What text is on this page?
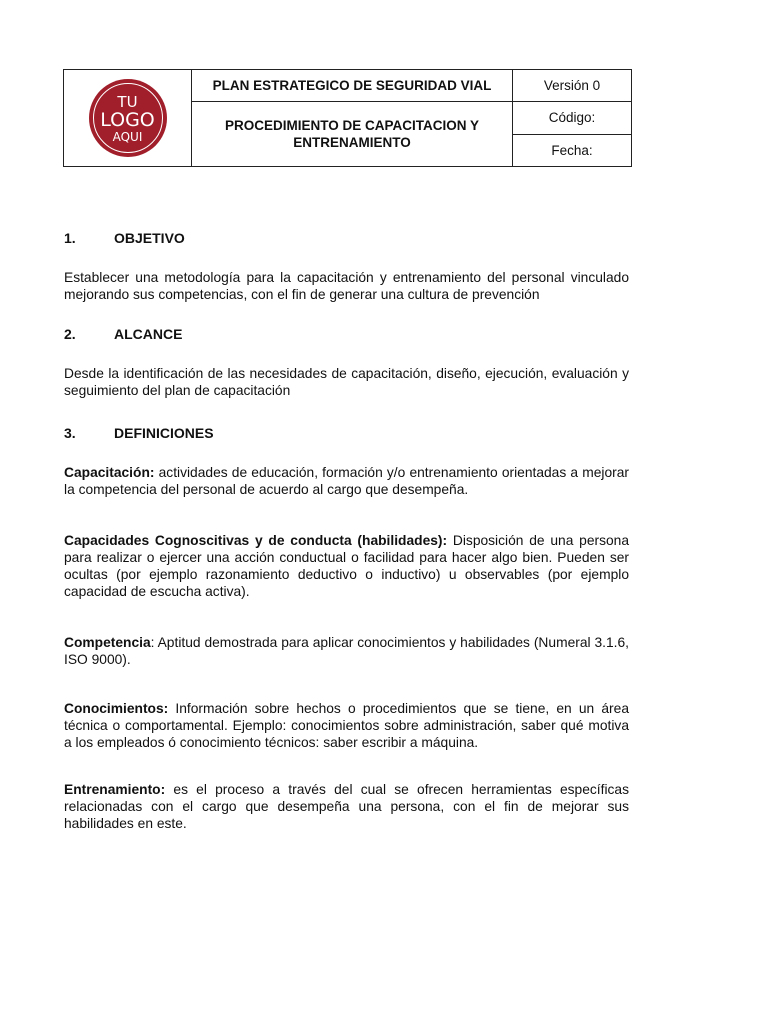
TU
LOGO
AQUI	PLAN ESTRATEGICO DE SEGURIDAD VIAL	Versión 0
	PROCEDIMIENTO DE CAPACITACION Y ENTRENAMIENTO	Código:
		Fecha:
1.	OBJETIVO

Establecer una metodología para la capacitación y entrenamiento del personal vinculado mejorando sus competencias, con el fin de generar una cultura de prevención

2.	ALCANCE

Desde la identificación de las necesidades de capacitación, diseño, ejecución, evaluación y seguimiento del plan de capacitación

3.	DEFINICIONES

Capacitación: actividades de educación, formación y/o entrenamiento orientadas a mejorar la competencia del personal de acuerdo al cargo que desempeña.

Capacidades Cognoscitivas y de conducta (habilidades): Disposición de una persona para realizar o ejercer una acción conductual o facilidad para hacer algo bien. Pueden ser ocultas (por ejemplo razonamiento deductivo o inductivo) u observables (por ejemplo capacidad de escucha activa).

Competencia: Aptitud demostrada para aplicar conocimientos y habilidades (Numeral 3.1.6, ISO 9000).

Conocimientos: Información sobre hechos o procedimientos que se tiene, en un área técnica o comportamental. Ejemplo: conocimientos sobre administración, saber qué motiva a los empleados ó conocimiento técnicos: saber escribir a máquina.

Entrenamiento: es el proceso a través del cual se ofrecen herramientas específicas relacionadas con el cargo que desempeña una persona, con el fin de mejorar sus habilidades en este.
